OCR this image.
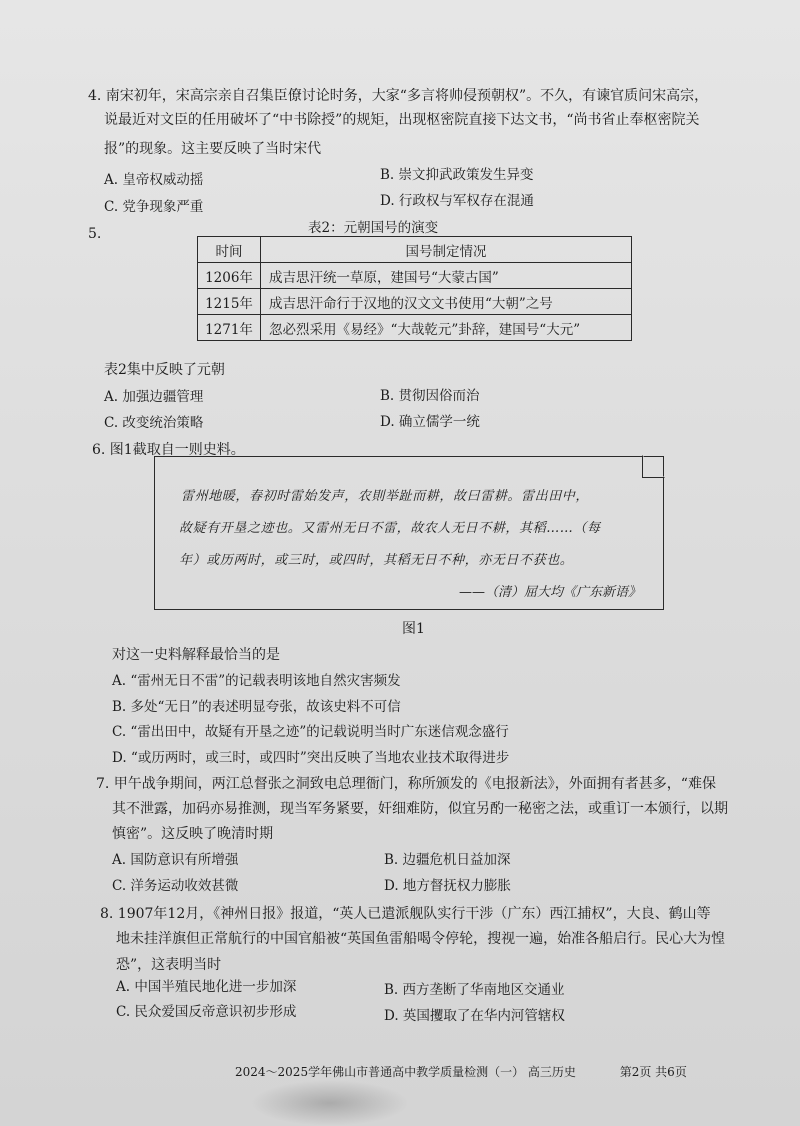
4. 南宋初年，宋高宗亲自召集臣僚讨论时务，大家“多言将帅侵预朝权”。不久，有谏官质问宋高宗，
说最近对文臣的任用破坏了“中书除授”的规矩，出现枢密院直接下达文书，“尚书省止奉枢密院关
报”的现象。这主要反映了当时宋代
A. 皇帝权威动摇	B. 崇文抑武政策发生异变
C. 党争现象严重	D. 行政权与军权存在混通
5.	表2：元朝国号的演变
时间	国号制定情况
1206年	成吉思汗统一草原，建国号“大蒙古国”
1215年	成吉思汗命行于汉地的汉文文书使用“大朝”之号
1271年	忽必烈采用《易经》“大哉乾元”卦辞，建国号“大元”
表2集中反映了元朝
A. 加强边疆管理	B. 贯彻因俗而治
C. 改变统治策略	D. 确立儒学一统
6. 图1截取自一则史料。
雷州地暖，春初时雷始发声，农則举趾而耕，故曰雷耕。雷出田中，
故疑有开垦之迹也。又雷州无日不雷，故农人无日不耕，其稻……（每
年）或历两时，或三时，或四时，其稻无日不种，亦无日不获也。
——（清）屈大均《广东新语》
图1
对这一史料解释最恰当的是
A. “雷州无日不雷”的记载表明该地自然灾害频发
B. 多处“无日”的表述明显夸张，故该史料不可信
C. “雷出田中，故疑有开垦之迹”的记载说明当时广东迷信观念盛行
D. “或历两时，或三时，或四时”突出反映了当地农业技术取得进步
7. 甲午战争期间，两江总督张之洞致电总理衙门，称所颁发的《电报新法》，外面拥有者甚多，“难保
其不泄露，加码亦易推测，现当军务紧要，奸细难防，似宜另酌一秘密之法，或重订一本颁行，以期
慎密”。这反映了晚清时期
A. 国防意识有所增强	B. 边疆危机日益加深
C. 洋务运动收效甚微	D. 地方督抚权力膨胀
8. 1907年12月，《神州日报》报道，“英人已遣派舰队实行干涉（广东）西江捕权”，大良、鹤山等
地未挂洋旗但正常航行的中国官船被“英国鱼雷船喝令停轮，搜视一遍，始准各船启行。民心大为惶
恐”，这表明当时
A. 中国半殖民地化进一步加深	B. 西方垄断了华南地区交通业
C. 民众爱国反帝意识初步形成	D. 英国攫取了在华内河管辖权
2024～2025学年佛山市普通高中教学质量检测（一） 高三历史	第2页 共6页
